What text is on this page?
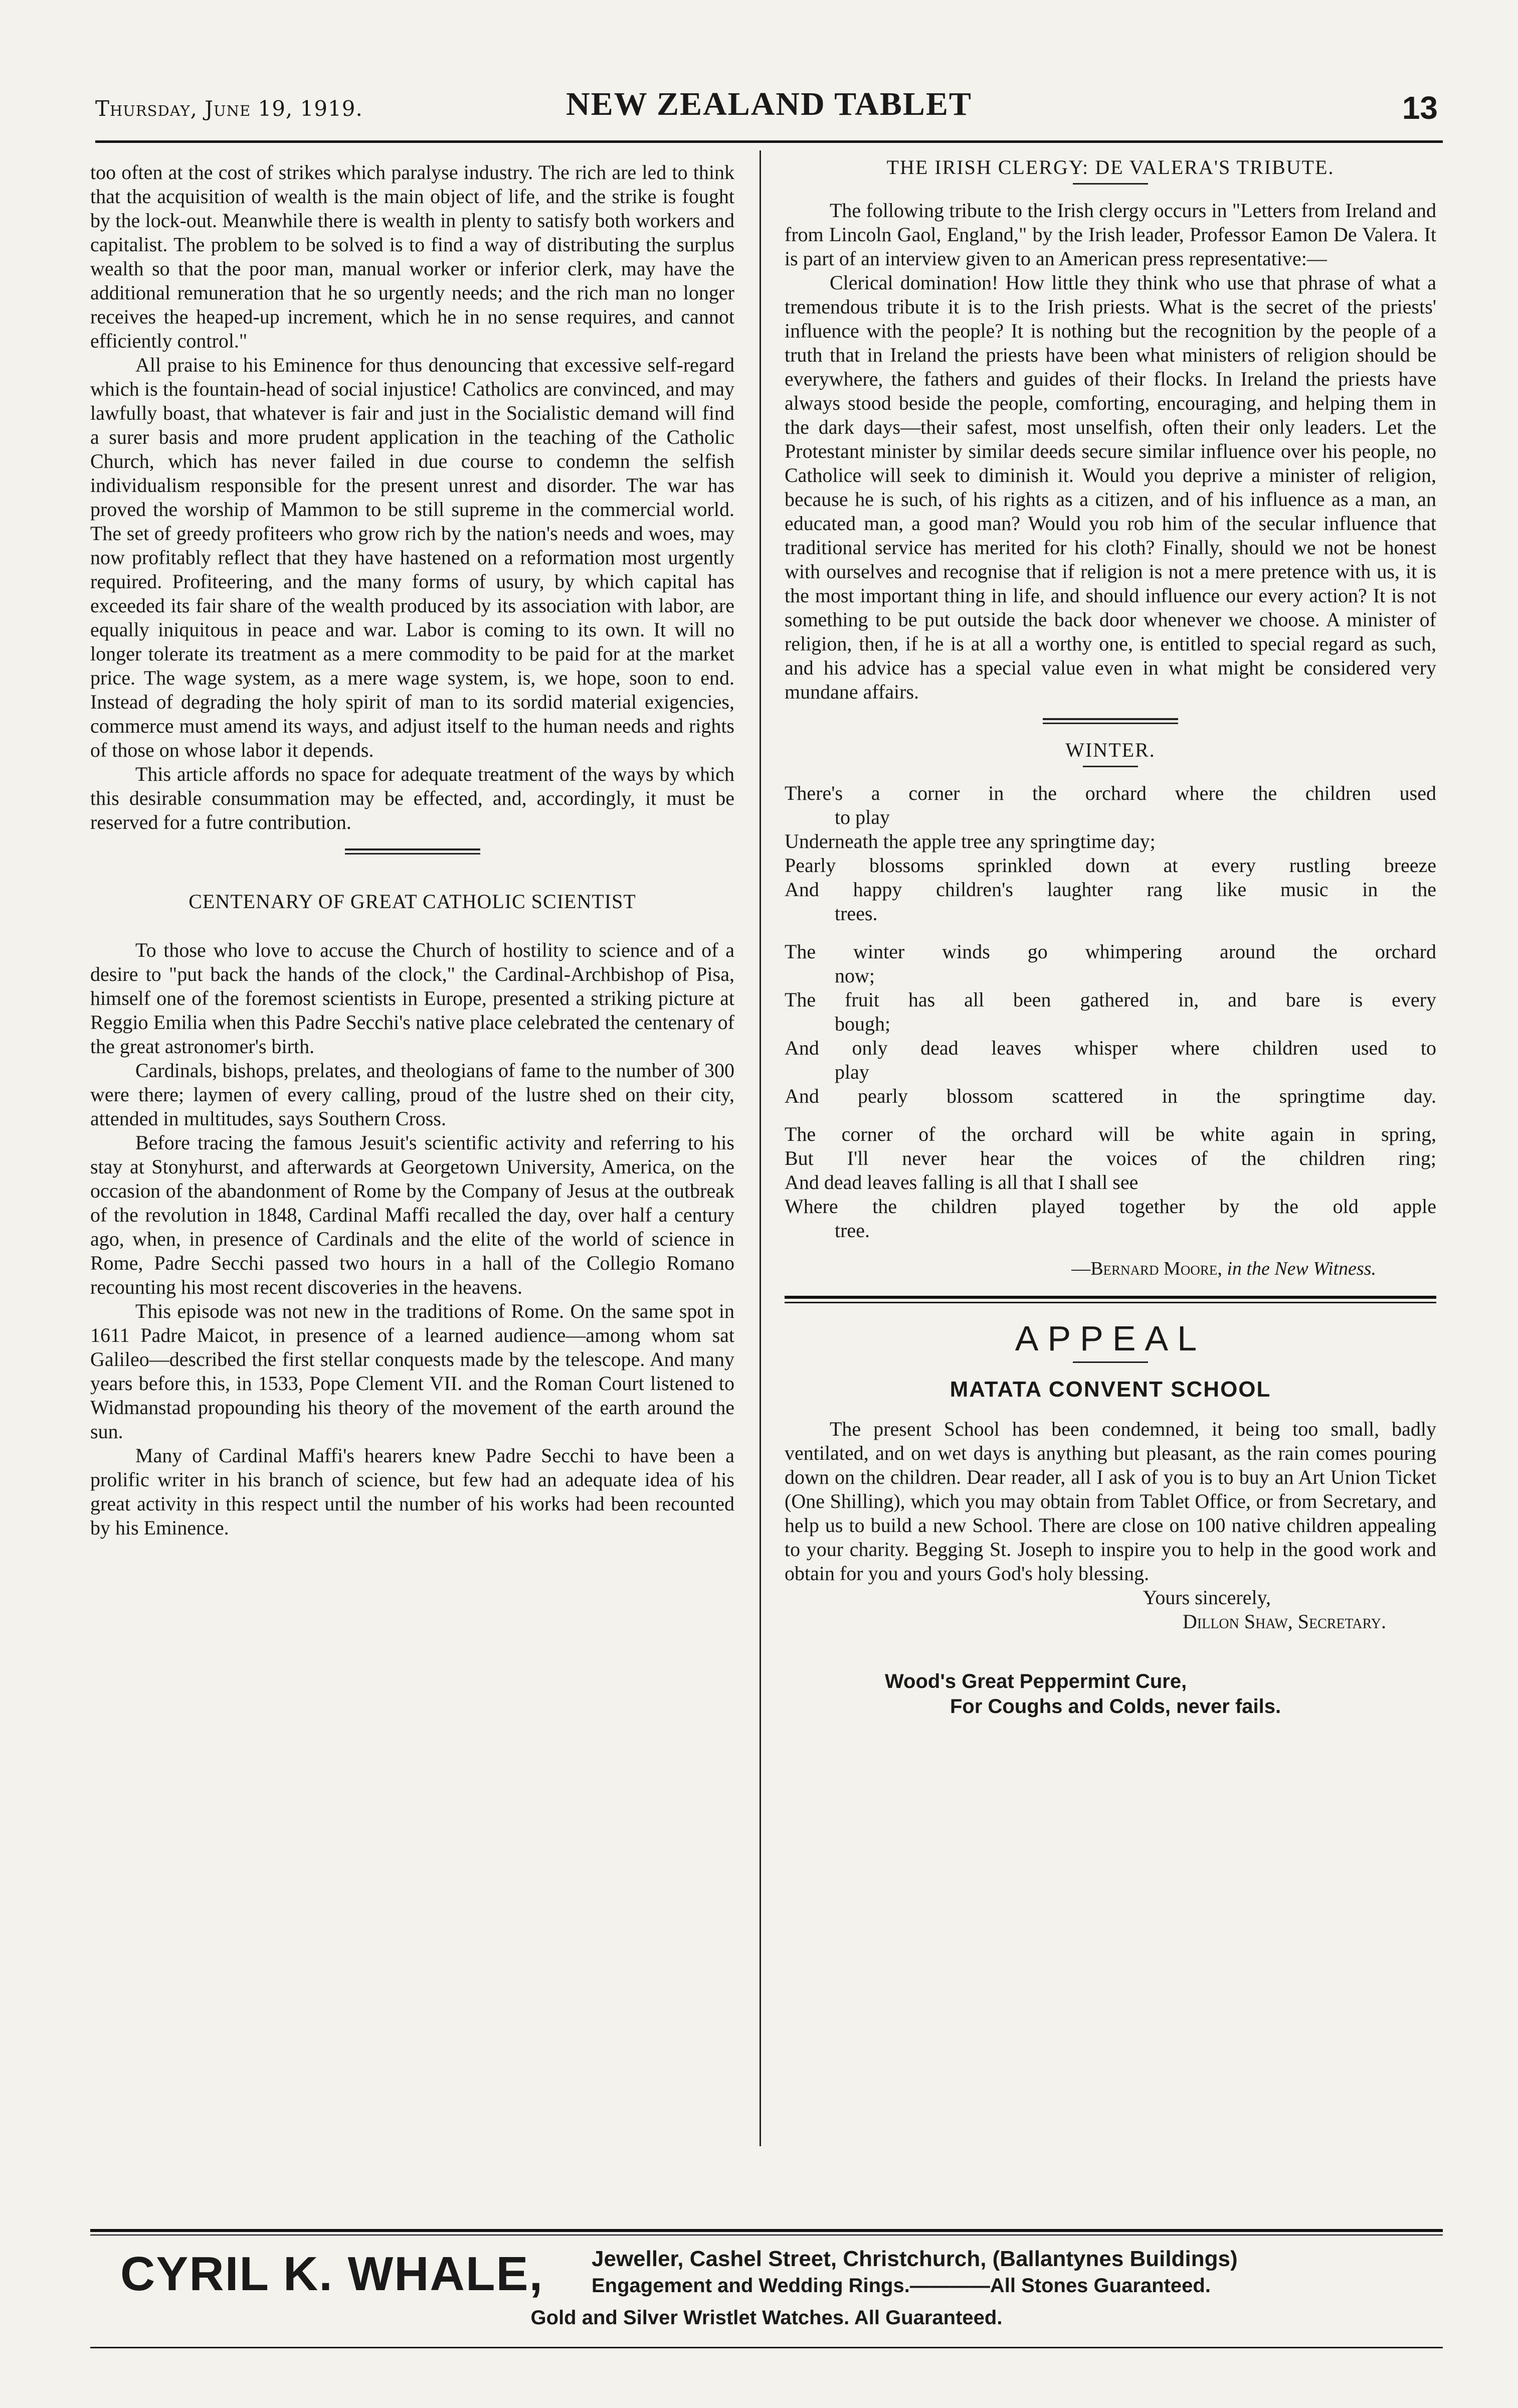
Thursday, June 19, 1919.	NEW ZEALAND TABLET	13

too often at the cost of strikes which paralyse industry. The rich are led to think that the acquisition of wealth is the main object of life, and the strike is fought by the lock-out. Meanwhile there is wealth in plenty to satisfy both workers and capitalist. The problem to be solved is to find a way of distributing the surplus wealth so that the poor man, manual worker or inferior clerk, may have the additional remuneration that he so urgently needs; and the rich man no longer receives the heaped-up increment, which he in no sense requires, and cannot efficiently control."

All praise to his Eminence for thus denouncing that excessive self-regard which is the fountain-head of social injustice! Catholics are convinced, and may lawfully boast, that whatever is fair and just in the Socialistic demand will find a surer basis and more prudent application in the teaching of the Catholic Church, which has never failed in due course to condemn the selfish individualism responsible for the present unrest and disorder. The war has proved the worship of Mammon to be still supreme in the commercial world. The set of greedy profiteers who grow rich by the nation's needs and woes, may now profitably reflect that they have hastened on a reformation most urgently required. Profiteering, and the many forms of usury, by which capital has exceeded its fair share of the wealth produced by its association with labor, are equally iniquitous in peace and war. Labor is coming to its own. It will no longer tolerate its treatment as a mere commodity to be paid for at the market price. The wage system, as a mere wage system, is, we hope, soon to end. Instead of degrading the holy spirit of man to its sordid material exigencies, commerce must amend its ways, and adjust itself to the human needs and rights of those on whose labor it depends.

This article affords no space for adequate treatment of the ways by which this desirable consummation may be effected, and, accordingly, it must be reserved for a futre contribution.

CENTENARY OF GREAT CATHOLIC SCIENTIST

To those who love to accuse the Church of hostility to science and of a desire to "put back the hands of the clock," the Cardinal-Archbishop of Pisa, himself one of the foremost scientists in Europe, presented a striking picture at Reggio Emilia when this Padre Secchi's native place celebrated the centenary of the great astronomer's birth.

Cardinals, bishops, prelates, and theologians of fame to the number of 300 were there; laymen of every calling, proud of the lustre shed on their city, attended in multitudes, says Southern Cross.

Before tracing the famous Jesuit's scientific activity and referring to his stay at Stonyhurst, and afterwards at Georgetown University, America, on the occasion of the abandonment of Rome by the Company of Jesus at the outbreak of the revolution in 1848, Cardinal Maffi recalled the day, over half a century ago, when, in presence of Cardinals and the elite of the world of science in Rome, Padre Secchi passed two hours in a hall of the Collegio Romano recounting his most recent discoveries in the heavens.

This episode was not new in the traditions of Rome. On the same spot in 1611 Padre Maicot, in presence of a learned audience—among whom sat Galileo—described the first stellar conquests made by the telescope. And many years before this, in 1533, Pope Clement VII. and the Roman Court listened to Widmanstad propounding his theory of the movement of the earth around the sun.

Many of Cardinal Maffi's hearers knew Padre Secchi to have been a prolific writer in his branch of science, but few had an adequate idea of his great activity in this respect until the number of his works had been recounted by his Eminence.

THE IRISH CLERGY: DE VALERA'S TRIBUTE.

The following tribute to the Irish clergy occurs in "Letters from Ireland and from Lincoln Gaol, England," by the Irish leader, Professor Eamon De Valera. It is part of an interview given to an American press representative:—

Clerical domination! How little they think who use that phrase of what a tremendous tribute it is to the Irish priests. What is the secret of the priests' influence with the people? It is nothing but the recognition by the people of a truth that in Ireland the priests have been what ministers of religion should be everywhere, the fathers and guides of their flocks. In Ireland the priests have always stood beside the people, comforting, encouraging, and helping them in the dark days—their safest, most unselfish, often their only leaders. Let the Protestant minister by similar deeds secure similar influence over his people, no Catholice will seek to diminish it. Would you deprive a minister of religion, because he is such, of his rights as a citizen, and of his influence as a man, an educated man, a good man? Would you rob him of the secular influence that traditional service has merited for his cloth? Finally, should we not be honest with ourselves and recognise that if religion is not a mere pretence with us, it is the most important thing in life, and should influence our every action? It is not something to be put outside the back door whenever we choose. A minister of religion, then, if he is at all a worthy one, is entitled to special regard as such, and his advice has a special value even in what might be considered very mundane affairs.

WINTER.
There's a corner in the orchard where the children used
to play
Underneath the apple tree any springtime day;
Pearly blossoms sprinkled down at every rustling breeze
And happy children's laughter rang like music in the
trees.
The winter winds go whimpering around the orchard
now;
The fruit has all been gathered in, and bare is every
bough;
And only dead leaves whisper where children used to
play
And pearly blossom scattered in the springtime day.
The corner of the orchard will be white again in spring,
But I'll never hear the voices of the children ring;
And dead leaves falling is all that I shall see
Where the children played together by the old apple
tree.
—Bernard Moore, in the New Witness.
APPEAL
MATATA CONVENT SCHOOL

The present School has been condemned, it being too small, badly ventilated, and on wet days is anything but pleasant, as the rain comes pouring down on the children. Dear reader, all I ask of you is to buy an Art Union Ticket (One Shilling), which you may obtain from Tablet Office, or from Secretary, and help us to build a new School. There are close on 100 native children appealing to your charity. Begging St. Joseph to inspire you to help in the good work and obtain for you and yours God's holy blessing.

Yours sincerely,
Dillon Shaw, Secretary.
Wood's Great Peppermint Cure,
For Coughs and Colds, never fails.
CYRIL K. WHALE, Jeweller, Cashel Street, Christchurch, (Ballantynes Buildings)
Engagement and Wedding Rings.————All Stones Guaranteed.
Gold and Silver Wristlet Watches. All Guaranteed.
